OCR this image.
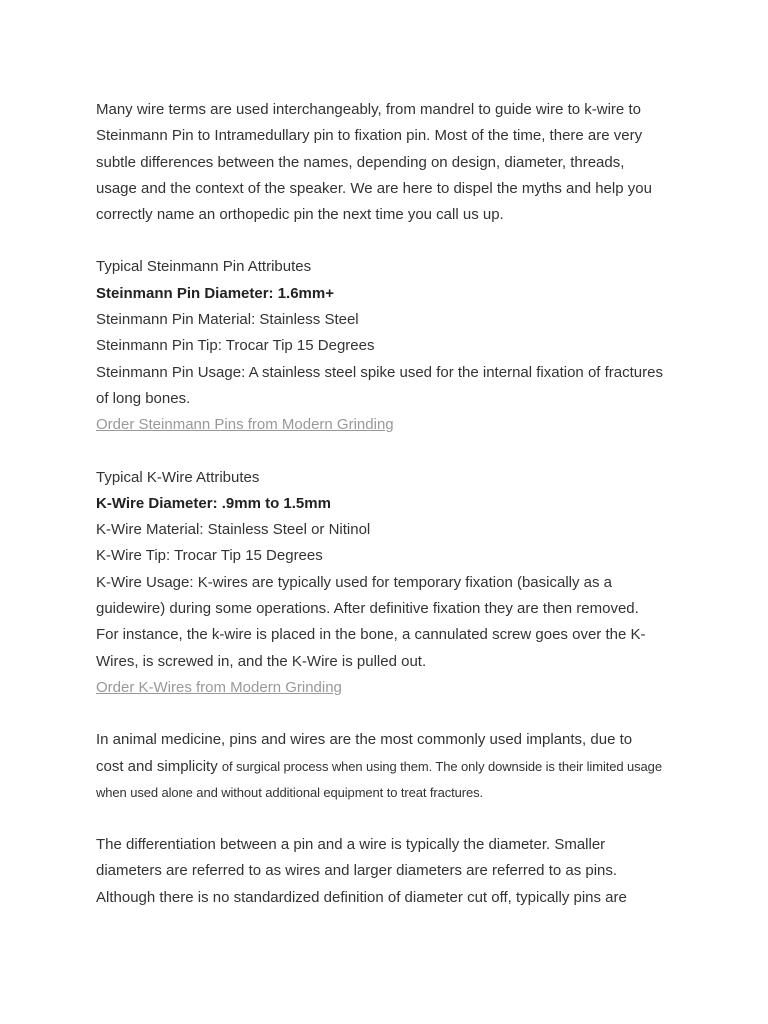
Many wire terms are used interchangeably, from mandrel to guide wire to k-wire to

Steinmann Pin to Intramedullary pin to fixation pin. Most of the time, there are very

subtle differences between the names, depending on design, diameter, threads,

usage and the context of the speaker. We are here to dispel the myths and help you

correctly name an orthopedic pin the next time you call us up.

Typical Steinmann Pin Attributes

Steinmann Pin Diameter: 1.6mm+

Steinmann Pin Material: Stainless Steel

Steinmann Pin Tip: Trocar Tip 15 Degrees

Steinmann Pin Usage: A stainless steel spike used for the internal fixation of fractures

of long bones.

Order Steinmann Pins from Modern Grinding

Typical K-Wire Attributes

K-Wire Diameter: .9mm to 1.5mm

K-Wire Material: Stainless Steel or Nitinol

K-Wire Tip: Trocar Tip 15 Degrees

K-Wire Usage: K-wires are typically used for temporary fixation (basically as a

guidewire) during some operations. After definitive fixation they are then removed.

For instance, the k-wire is placed in the bone, a cannulated screw goes over the K-

Wires, is screwed in, and the K-Wire is pulled out.

Order K-Wires from Modern Grinding

In animal medicine, pins and wires are the most commonly used implants, due to

cost and simplicity of surgical process when using them. The only downside is their limited usage

when used alone and without additional equipment to treat fractures.

The differentiation between a pin and a wire is typically the diameter. Smaller

diameters are referred to as wires and larger diameters are referred to as pins.

Although there is no standardized definition of diameter cut off, typically pins are
